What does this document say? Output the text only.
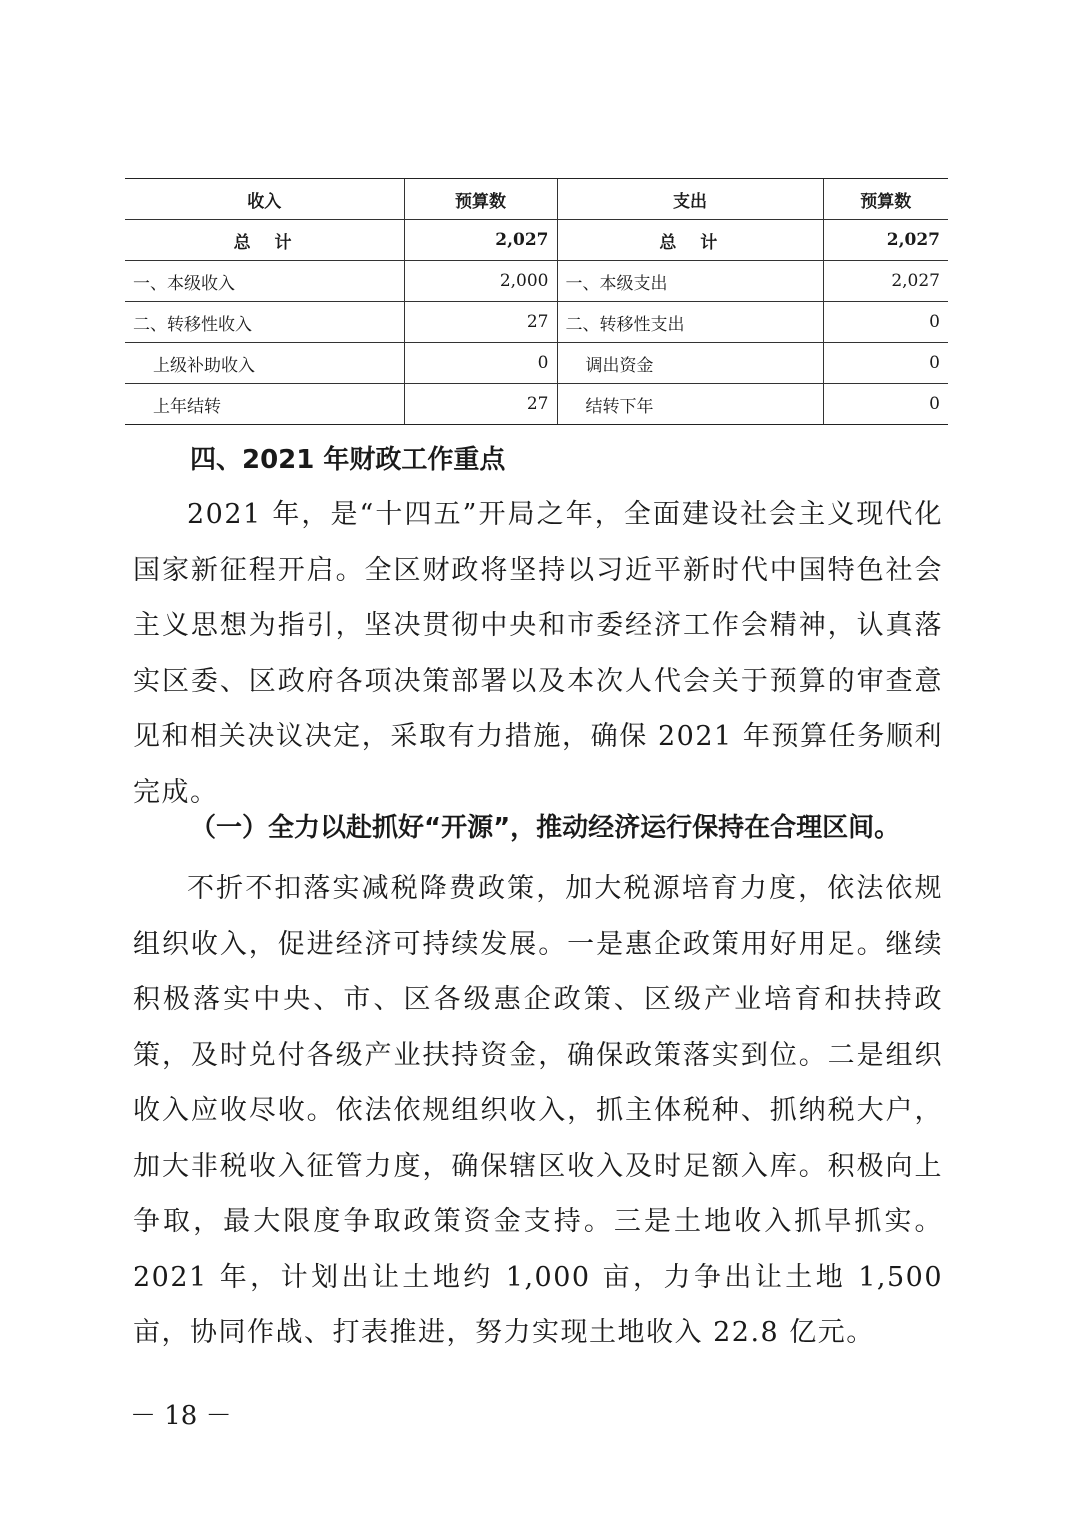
收入	预算数	支出	预算数
总　计	2,027	总　计	2,027
一、本级收入	2,000	一、本级支出	2,027
二、转移性收入	27	二、转移性支出	0
上级补助收入	0	调出资金	0
上年结转	27	结转下年	0
四、2021 年财政工作重点

2021 年，是“十四五”开局之年，全面建设社会主义现代化国家新征程开启。全区财政将坚持以习近平新时代中国特色社会主义思想为指引，坚决贯彻中央和市委经济工作会精神，认真落实区委、区政府各项决策部署以及本次人代会关于预算的审查意见和相关决议决定，采取有力措施，确保 2021 年预算任务顺利完成。

（一）全力以赴抓好“开源”，推动经济运行保持在合理区间。

不折不扣落实减税降费政策，加大税源培育力度，依法依规组织收入，促进经济可持续发展。一是惠企政策用好用足。继续积极落实中央、市、区各级惠企政策、区级产业培育和扶持政策，及时兑付各级产业扶持资金，确保政策落实到位。二是组织收入应收尽收。依法依规组织收入，抓主体税种、抓纳税大户，加大非税收入征管力度，确保辖区收入及时足额入库。积极向上争取，最大限度争取政策资金支持。三是土地收入抓早抓实。2021 年，计划出让土地约 1,000 亩，力争出让土地 1,500 亩，协同作战、打表推进，努力实现土地收入 22.8 亿元。

－ 18 －
